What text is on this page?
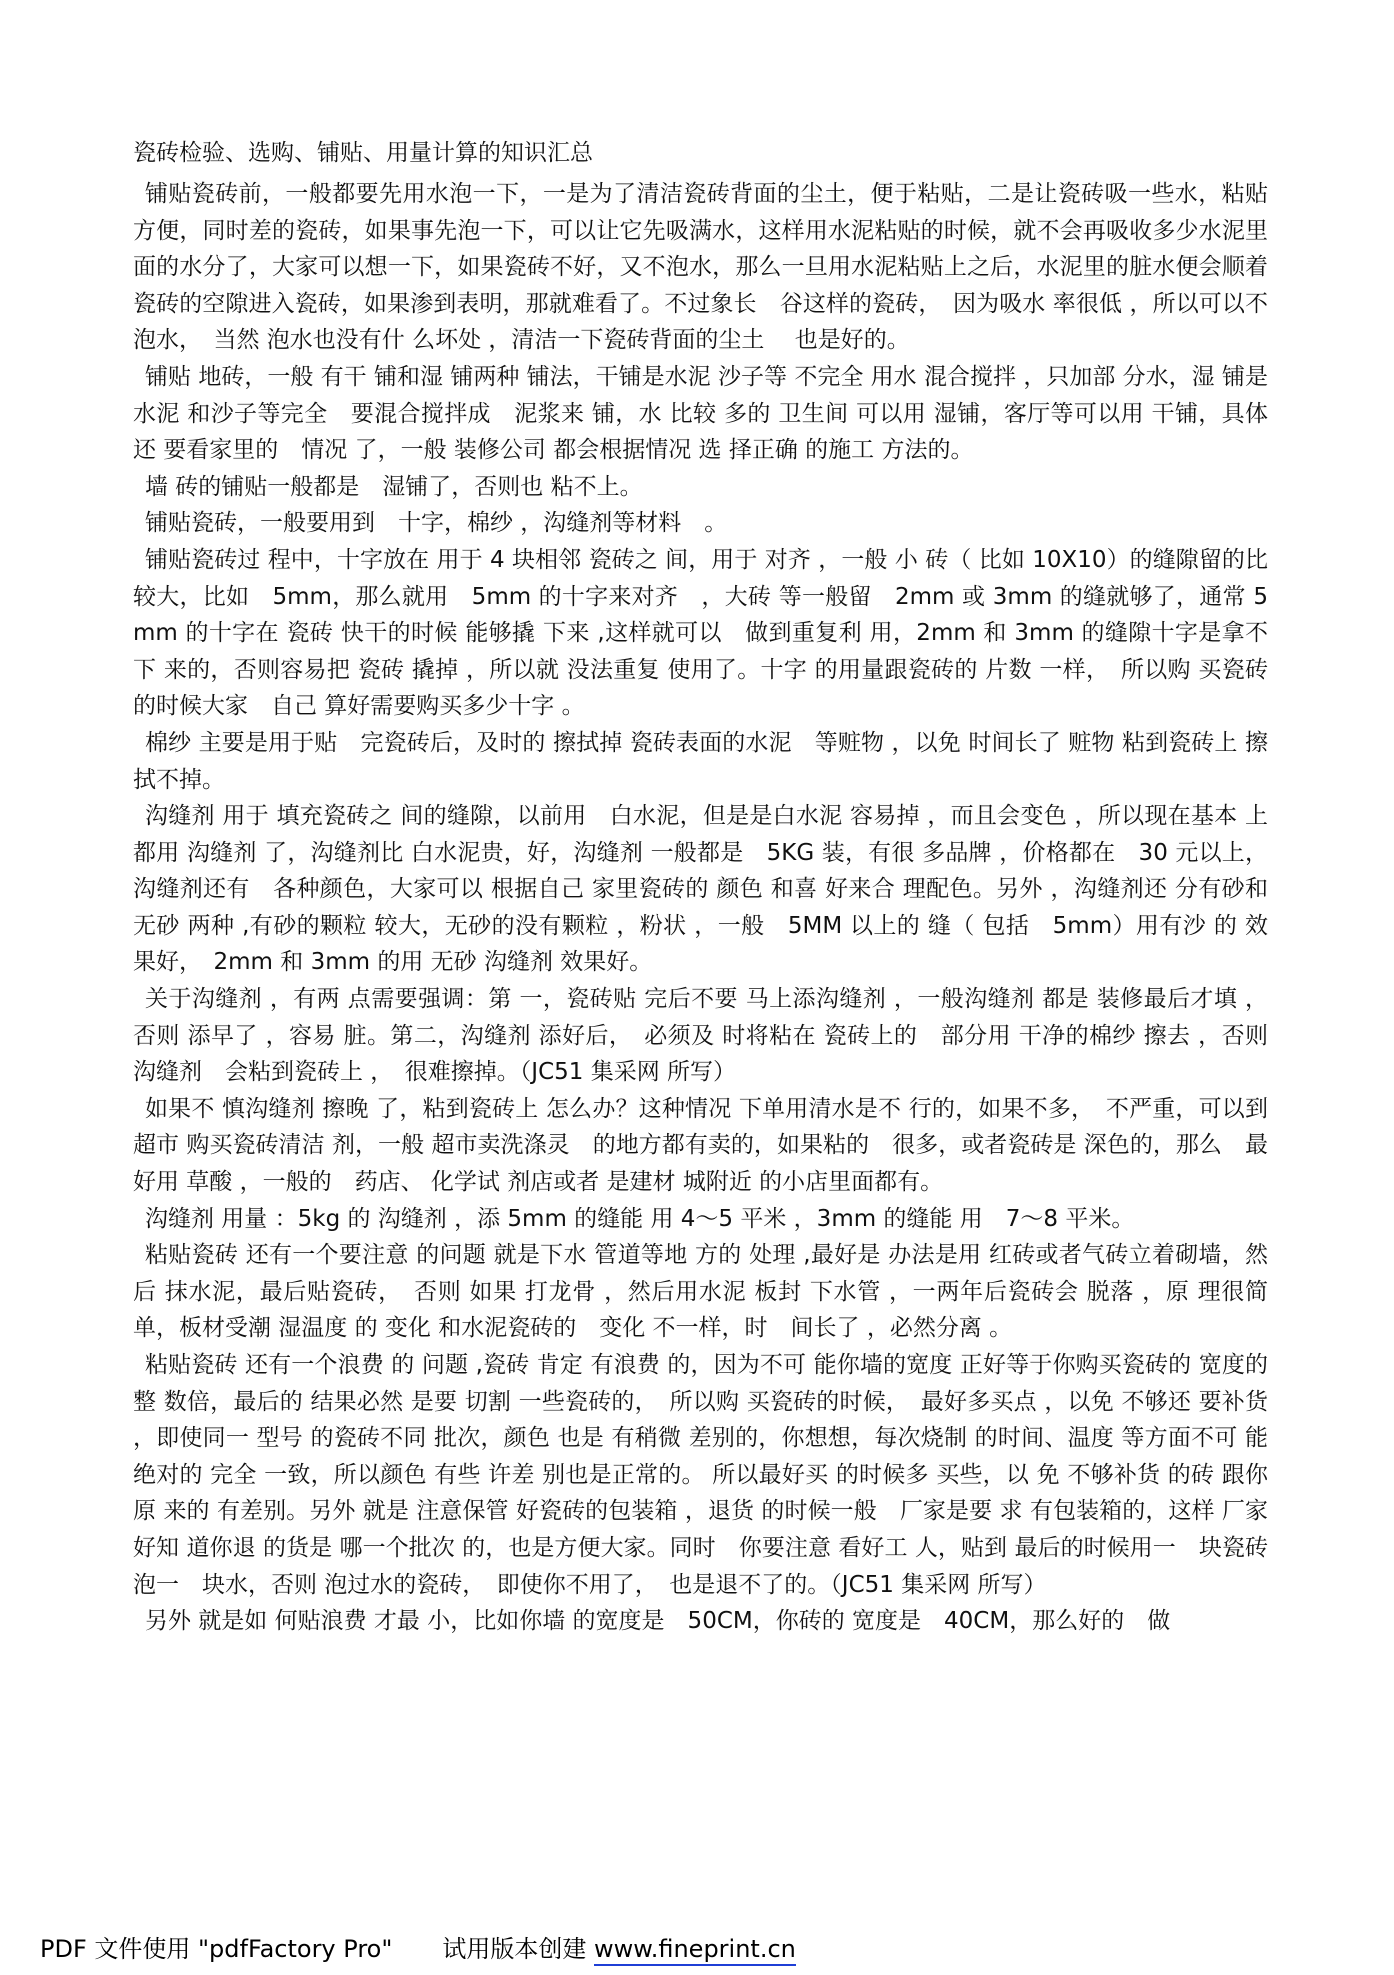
瓷砖检验、选购、铺贴、用量计算的知识汇总

铺贴瓷砖前，一般都要先用水泡一下，一是为了清洁瓷砖背面的尘土，便于粘贴，二是让瓷砖吸一些水，粘贴方便，同时差的瓷砖，如果事先泡一下，可以让它先吸满水，这样用水泥粘贴的时候，就不会再吸收多少水泥里面的水分了，大家可以想一下，如果瓷砖不好，又不泡水，那么一旦用水泥粘贴上之后，水泥里的脏水便会顺着瓷砖的空隙进入瓷砖，如果渗到表明，那就难看了。不过象长　谷这样的瓷砖，　因为吸水 率很低 ，所以可以不泡水，　当然 泡水也没有什 么坏处 ，清洁一下瓷砖背面的尘土　 也是好的。

铺贴 地砖，一般 有干 铺和湿 铺两种 铺法，干铺是水泥 沙子等 不完全 用水 混合搅拌 ，只加部 分水，湿 铺是水泥 和沙子等完全　要混合搅拌成　泥浆来 铺，水 比较 多的 卫生间 可以用 湿铺，客厅等可以用 干铺，具体还 要看家里的　情况 了，一般 装修公司 都会根据情况 选 择正确 的施工 方法的。

墙 砖的铺贴一般都是　湿铺了，否则也 粘不上。

铺贴瓷砖，一般要用到　十字，棉纱 ，沟缝剂等材料　。

铺贴瓷砖过 程中，十字放在 用于 4 块相邻 瓷砖之 间，用于 对齐 ，一般 小 砖（ 比如 10X10）的缝隙留的比较大，比如　5mm，那么就用　5mm 的十字来对齐　，大砖 等一般留　2mm 或 3mm 的缝就够了，通常 5mm 的十字在 瓷砖 快干的时候 能够撬 下来 ,这样就可以　做到重复利 用，2mm 和 3mm 的缝隙十字是拿不下 来的，否则容易把 瓷砖 撬掉 ，所以就 没法重复 使用了。十字 的用量跟瓷砖的 片数 一样，　所以购 买瓷砖的时候大家　自己 算好需要购买多少十字 。

棉纱 主要是用于贴　完瓷砖后，及时的 擦拭掉 瓷砖表面的水泥　等赃物 ，以免 时间长了 赃物 粘到瓷砖上 擦拭不掉。

沟缝剂 用于 填充瓷砖之 间的缝隙，以前用　白水泥，但是是白水泥 容易掉 ，而且会变色 ，所以现在基本 上都用 沟缝剂 了，沟缝剂比 白水泥贵，好，沟缝剂 一般都是　5KG 装，有很 多品牌 ，价格都在　30 元以上，沟缝剂还有　各种颜色，大家可以 根据自己 家里瓷砖的 颜色 和喜 好来合 理配色。另外 ，沟缝剂还 分有砂和无砂 两种 ,有砂的颗粒 较大，无砂的没有颗粒 ，粉状 ，一般　5MM 以上的 缝（ 包括　5mm）用有沙 的 效果好，　2mm 和 3mm 的用 无砂 沟缝剂 效果好。

关于沟缝剂 ，有两 点需要强调：第 一，瓷砖贴 完后不要 马上添沟缝剂 ，一般沟缝剂 都是 装修最后才填 ，否则 添早了 ，容易 脏。第二，沟缝剂 添好后，　必须及 时将粘在 瓷砖上的　部分用 干净的棉纱 擦去 ，否则沟缝剂　会粘到瓷砖上 ，　很难擦掉。（JC51 集采网 所写）

如果不 慎沟缝剂 擦晚 了，粘到瓷砖上 怎么办？这种情况 下单用清水是不 行的，如果不多，　不严重，可以到 超市 购买瓷砖清洁 剂，一般 超市卖洗涤灵　的地方都有卖的，如果粘的　很多，或者瓷砖是 深色的，那么　最好用 草酸 ，一般的　药店、 化学试 剂店或者 是建材 城附近 的小店里面都有。

沟缝剂 用量 ：5kg 的 沟缝剂 ，添 5mm 的缝能 用 4～5 平米 ，3mm 的缝能 用　7～8 平米。

粘贴瓷砖 还有一个要注意 的问题 就是下水 管道等地 方的 处理 ,最好是 办法是用 红砖或者气砖立着砌墙，然后 抹水泥，最后贴瓷砖，　否则 如果 打龙骨 ，然后用水泥 板封 下水管 ，一两年后瓷砖会 脱落 ，原 理很简单，板材受潮 湿温度 的 变化 和水泥瓷砖的　变化 不一样，时　间长了 ，必然分离 。

粘贴瓷砖 还有一个浪费 的 问题 ,瓷砖 肯定 有浪费 的，因为不可 能你墙的宽度 正好等于你购买瓷砖的 宽度的 整 数倍，最后的 结果必然 是要 切割 一些瓷砖的，　所以购 买瓷砖的时候，　最好多买点 ，以免 不够还 要补货 ，即使同一 型号 的瓷砖不同 批次，颜色 也是 有稍微 差别的，你想想，每次烧制 的时间、温度 等方面不可 能绝对的 完全 一致，所以颜色 有些 许差 别也是正常的。 所以最好买 的时候多 买些，以 免 不够补货 的砖 跟你原 来的 有差别。另外 就是 注意保管 好瓷砖的包装箱 ，退货 的时候一般　厂家是要 求 有包装箱的，这样 厂家好知 道你退 的货是 哪一个批次 的，也是方便大家。同时　你要注意 看好工 人，贴到 最后的时候用一　块瓷砖泡一　块水，否则 泡过水的瓷砖，　即使你不用了，　也是退不了的。（JC51 集采网 所写）

另外 就是如 何贴浪费 才最 小，比如你墙 的宽度是　50CM，你砖的 宽度是　40CM，那么好的　做

PDF 文件使用 "pdfFactory Pro" 试用版本创建 www.fineprint.cn
